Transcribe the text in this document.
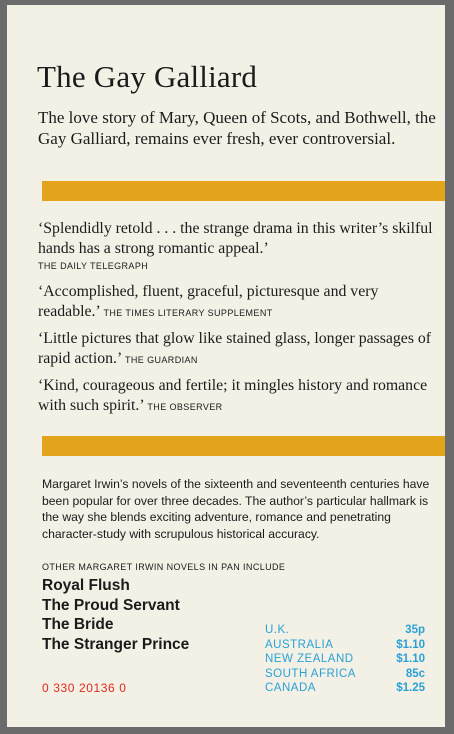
The Gay Galliard
The love story of Mary, Queen of Scots, and Bothwell, the Gay Galliard, remains ever fresh, ever controversial.
‘Splendidly retold . . . the strange drama in this writer’s skilful hands has a strong romantic appeal.’
THE DAILY TELEGRAPH
‘Accomplished, fluent, graceful, picturesque and very readable.’ THE TIMES LITERARY SUPPLEMENT
‘Little pictures that glow like stained glass, longer passages of rapid action.’ THE GUARDIAN
‘Kind, courageous and fertile; it mingles history and romance with such spirit.’ THE OBSERVER
Margaret Irwin’s novels of the sixteenth and seventeenth centuries have been popular for over three decades. The author’s particular hallmark is the way she blends exciting adventure, romance and penetrating character-study with scrupulous historical accuracy.
OTHER MARGARET IRWIN NOVELS IN PAN INCLUDE
Royal Flush
The Proud Servant
The Bride
The Stranger Prince
U.K.	35p
AUSTRALIA	$1.10
NEW ZEALAND	$1.10
SOUTH AFRICA	85c
CANADA	$1.25
0 330 20136 0
